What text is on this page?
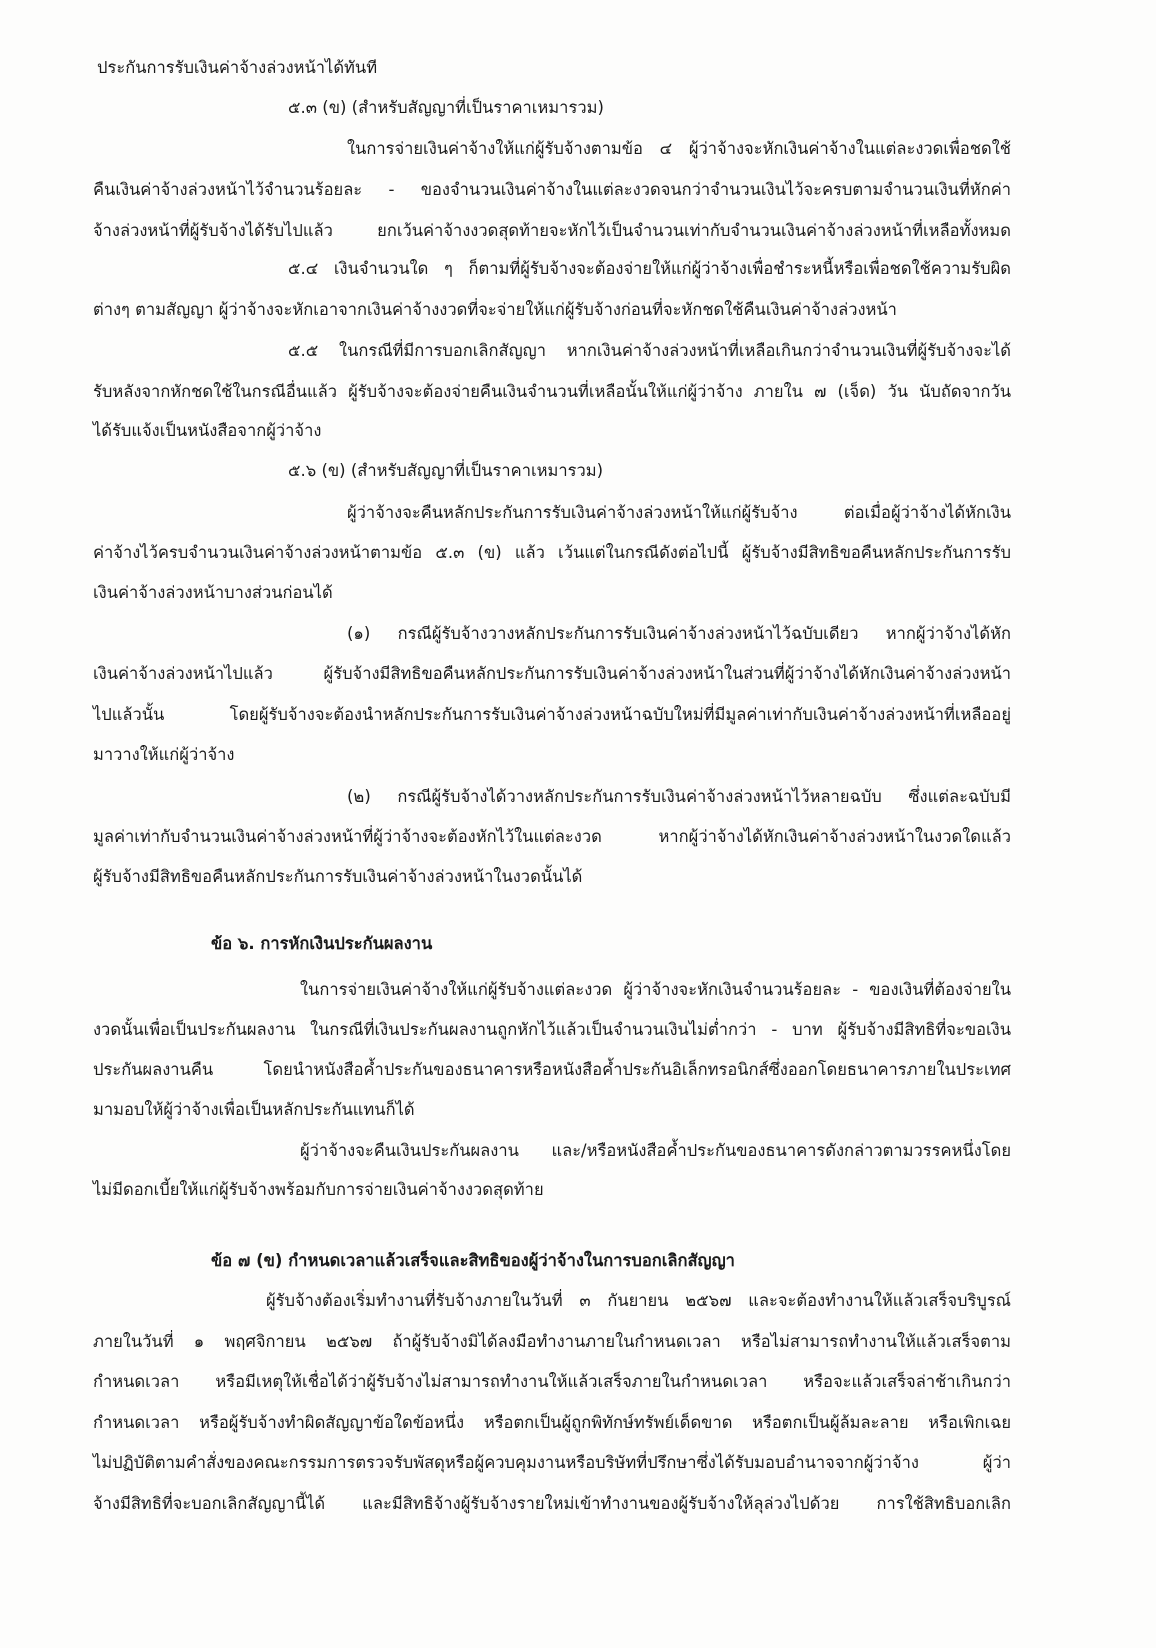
ประกันการรับเงินค่าจ้างล่วงหน้าได้ทันที

๕.๓ (ข) (สำหรับสัญญาที่เป็นราคาเหมารวม)

ในการจ่ายเงินค่าจ้างให้แก่ผู้รับจ้างตามข้อ ๔ ผู้ว่าจ้างจะหักเงินค่าจ้างในแต่ละงวดเพื่อชดใช้

คืนเงินค่าจ้างล่วงหน้าไว้จำนวนร้อยละ - ของจำนวนเงินค่าจ้างในแต่ละงวดจนกว่าจำนวนเงินไว้จะครบตามจำนวนเงินที่หักค่า

จ้างล่วงหน้าที่ผู้รับจ้างได้รับไปแล้ว ยกเว้นค่าจ้างงวดสุดท้ายจะหักไว้เป็นจำนวนเท่ากับจำนวนเงินค่าจ้างล่วงหน้าที่เหลือทั้งหมด

๕.๔ เงินจำนวนใด ๆ ก็ตามที่ผู้รับจ้างจะต้องจ่ายให้แก่ผู้ว่าจ้างเพื่อชำระหนี้หรือเพื่อชดใช้ความรับผิด

ต่างๆ ตามสัญญา ผู้ว่าจ้างจะหักเอาจากเงินค่าจ้างงวดที่จะจ่ายให้แก่ผู้รับจ้างก่อนที่จะหักชดใช้คืนเงินค่าจ้างล่วงหน้า

๕.๕ ในกรณีที่มีการบอกเลิกสัญญา หากเงินค่าจ้างล่วงหน้าที่เหลือเกินกว่าจำนวนเงินที่ผู้รับจ้างจะได้

รับหลังจากหักชดใช้ในกรณีอื่นแล้ว ผู้รับจ้างจะต้องจ่ายคืนเงินจำนวนที่เหลือนั้นให้แก่ผู้ว่าจ้าง ภายใน ๗ (เจ็ด) วัน นับถัดจากวัน

ได้รับแจ้งเป็นหนังสือจากผู้ว่าจ้าง

๕.๖ (ข) (สำหรับสัญญาที่เป็นราคาเหมารวม)

ผู้ว่าจ้างจะคืนหลักประกันการรับเงินค่าจ้างล่วงหน้าให้แก่ผู้รับจ้าง ต่อเมื่อผู้ว่าจ้างได้หักเงิน

ค่าจ้างไว้ครบจำนวนเงินค่าจ้างล่วงหน้าตามข้อ ๕.๓ (ข) แล้ว เว้นแต่ในกรณีดังต่อไปนี้ ผู้รับจ้างมีสิทธิขอคืนหลักประกันการรับ

เงินค่าจ้างล่วงหน้าบางส่วนก่อนได้

(๑) กรณีผู้รับจ้างวางหลักประกันการรับเงินค่าจ้างล่วงหน้าไว้ฉบับเดียว หากผู้ว่าจ้างได้หัก

เงินค่าจ้างล่วงหน้าไปแล้ว ผู้รับจ้างมีสิทธิขอคืนหลักประกันการรับเงินค่าจ้างล่วงหน้าในส่วนที่ผู้ว่าจ้างได้หักเงินค่าจ้างล่วงหน้า

ไปแล้วนั้น โดยผู้รับจ้างจะต้องนำหลักประกันการรับเงินค่าจ้างล่วงหน้าฉบับใหม่ที่มีมูลค่าเท่ากับเงินค่าจ้างล่วงหน้าที่เหลืออยู่

มาวางให้แก่ผู้ว่าจ้าง

(๒) กรณีผู้รับจ้างได้วางหลักประกันการรับเงินค่าจ้างล่วงหน้าไว้หลายฉบับ ซึ่งแต่ละฉบับมี

มูลค่าเท่ากับจำนวนเงินค่าจ้างล่วงหน้าที่ผู้ว่าจ้างจะต้องหักไว้ในแต่ละงวด หากผู้ว่าจ้างได้หักเงินค่าจ้างล่วงหน้าในงวดใดแล้ว

ผู้รับจ้างมีสิทธิขอคืนหลักประกันการรับเงินค่าจ้างล่วงหน้าในงวดนั้นได้

ข้อ ๖. การหักเงินประกันผลงาน

ในการจ่ายเงินค่าจ้างให้แก่ผู้รับจ้างแต่ละงวด ผู้ว่าจ้างจะหักเงินจำนวนร้อยละ - ของเงินที่ต้องจ่ายใน

งวดนั้นเพื่อเป็นประกันผลงาน ในกรณีที่เงินประกันผลงานถูกหักไว้แล้วเป็นจำนวนเงินไม่ต่ำกว่า - บาท ผู้รับจ้างมีสิทธิที่จะขอเงิน

ประกันผลงานคืน โดยนำหนังสือค้ำประกันของธนาคารหรือหนังสือค้ำประกันอิเล็กทรอนิกส์ซึ่งออกโดยธนาคารภายในประเทศ

มามอบให้ผู้ว่าจ้างเพื่อเป็นหลักประกันแทนก็ได้

ผู้ว่าจ้างจะคืนเงินประกันผลงาน และ/หรือหนังสือค้ำประกันของธนาคารดังกล่าวตามวรรคหนึ่งโดย

ไม่มีดอกเบี้ยให้แก่ผู้รับจ้างพร้อมกับการจ่ายเงินค่าจ้างงวดสุดท้าย

ข้อ ๗ (ข) กำหนดเวลาแล้วเสร็จและสิทธิของผู้ว่าจ้างในการบอกเลิกสัญญา

ผู้รับจ้างต้องเริ่มทำงานที่รับจ้างภายในวันที่ ๓ กันยายน ๒๕๖๗ และจะต้องทำงานให้แล้วเสร็จบริบูรณ์

ภายในวันที่ ๑ พฤศจิกายน ๒๕๖๗ ถ้าผู้รับจ้างมิได้ลงมือทำงานภายในกำหนดเวลา หรือไม่สามารถทำงานให้แล้วเสร็จตาม

กำหนดเวลา หรือมีเหตุให้เชื่อได้ว่าผู้รับจ้างไม่สามารถทำงานให้แล้วเสร็จภายในกำหนดเวลา หรือจะแล้วเสร็จล่าช้าเกินกว่า

กำหนดเวลา หรือผู้รับจ้างทำผิดสัญญาข้อใดข้อหนึ่ง หรือตกเป็นผู้ถูกพิทักษ์ทรัพย์เด็ดขาด หรือตกเป็นผู้ล้มละลาย หรือเพิกเฉย

ไม่ปฏิบัติตามคำสั่งของคณะกรรมการตรวจรับพัสดุหรือผู้ควบคุมงานหรือบริษัทที่ปรึกษาซึ่งได้รับมอบอำนาจจากผู้ว่าจ้าง ผู้ว่า

จ้างมีสิทธิที่จะบอกเลิกสัญญานี้ได้ และมีสิทธิจ้างผู้รับจ้างรายใหม่เข้าทำงานของผู้รับจ้างให้ลุล่วงไปด้วย การใช้สิทธิบอกเลิก
